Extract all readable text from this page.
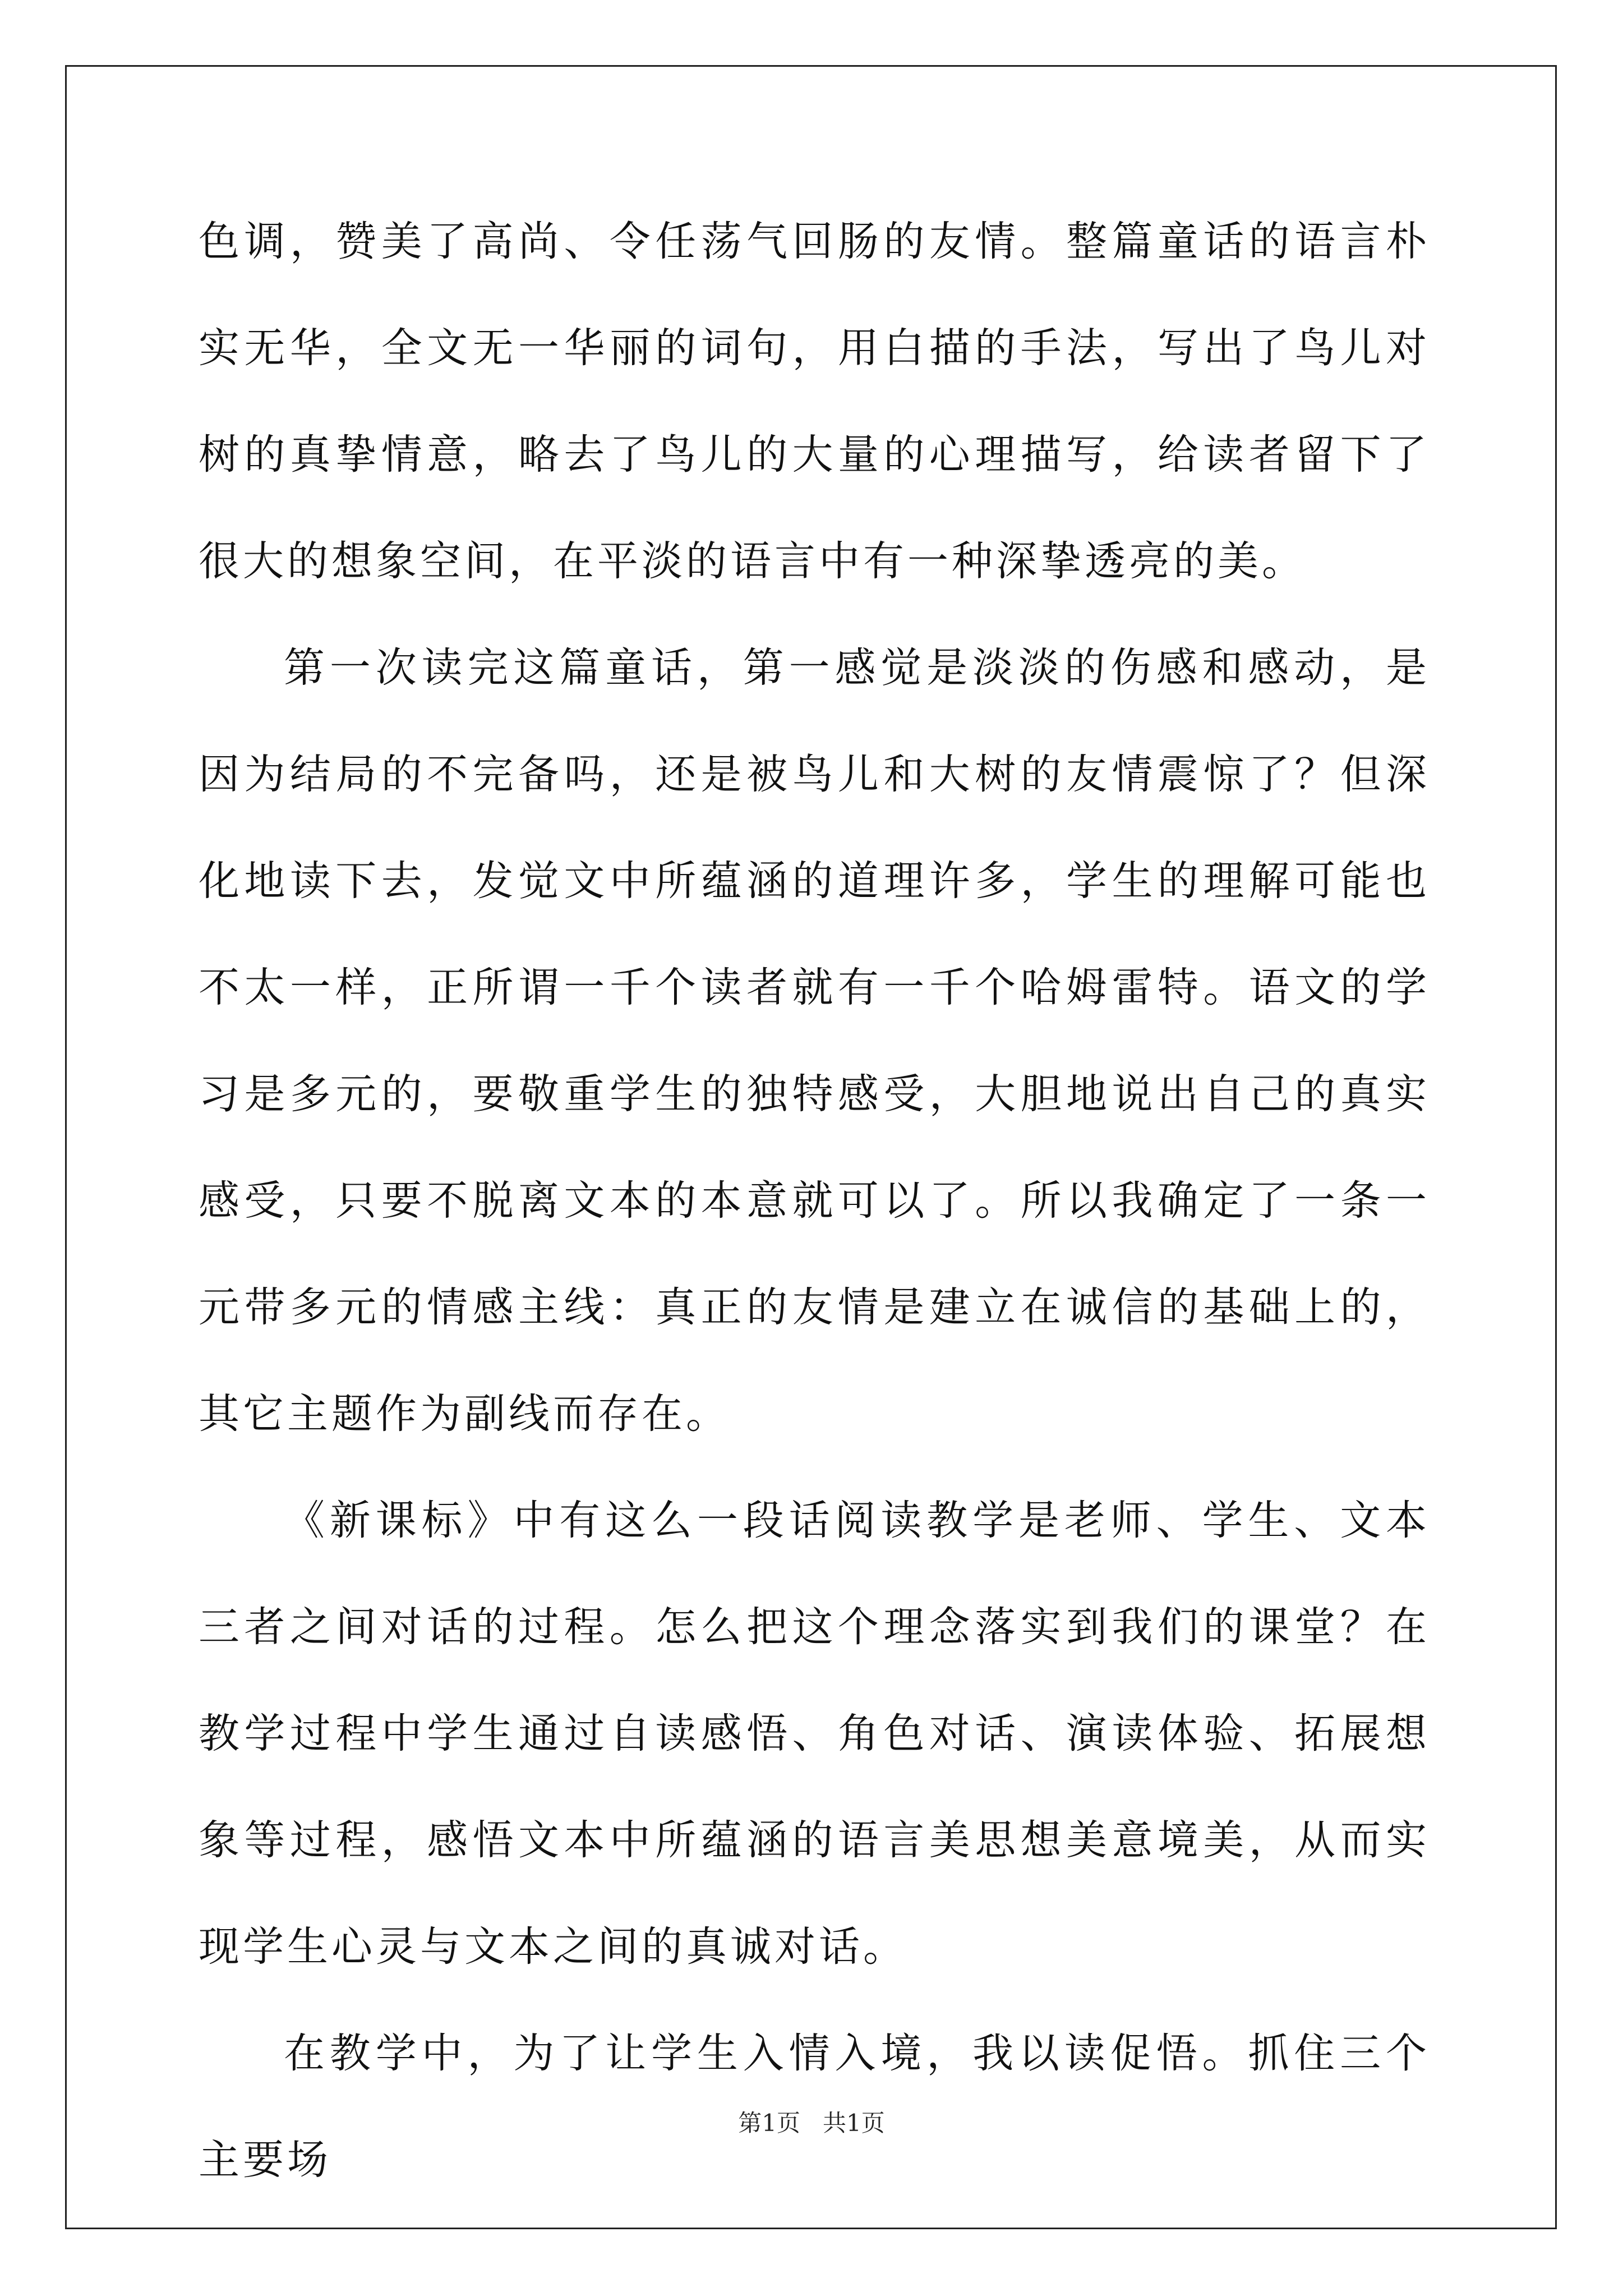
色调，赞美了高尚、令任荡气回肠的友情。整篇童话的语言朴实无华，全文无一华丽的词句，用白描的手法，写出了鸟儿对树的真挚情意，略去了鸟儿的大量的心理描写，给读者留下了很大的想象空间，在平淡的语言中有一种深挚透亮的美。

第一次读完这篇童话，第一感觉是淡淡的伤感和感动，是因为结局的不完备吗，还是被鸟儿和大树的友情震惊了？但深化地读下去，发觉文中所蕴涵的道理许多，学生的理解可能也不太一样，正所谓一千个读者就有一千个哈姆雷特。语文的学习是多元的，要敬重学生的独特感受，大胆地说出自己的真实感受，只要不脱离文本的本意就可以了。所以我确定了一条一元带多元的情感主线：真正的友情是建立在诚信的基础上的，其它主题作为副线而存在。

《新课标》中有这么一段话阅读教学是老师、学生、文本三者之间对话的过程。怎么把这个理念落实到我们的课堂？在教学过程中学生通过自读感悟、角色对话、演读体验、拓展想象等过程，感悟文本中所蕴涵的语言美思想美意境美，从而实现学生心灵与文本之间的真诚对话。

在教学中，为了让学生入情入境，我以读促悟。抓住三个主要场

第1页   共1页
